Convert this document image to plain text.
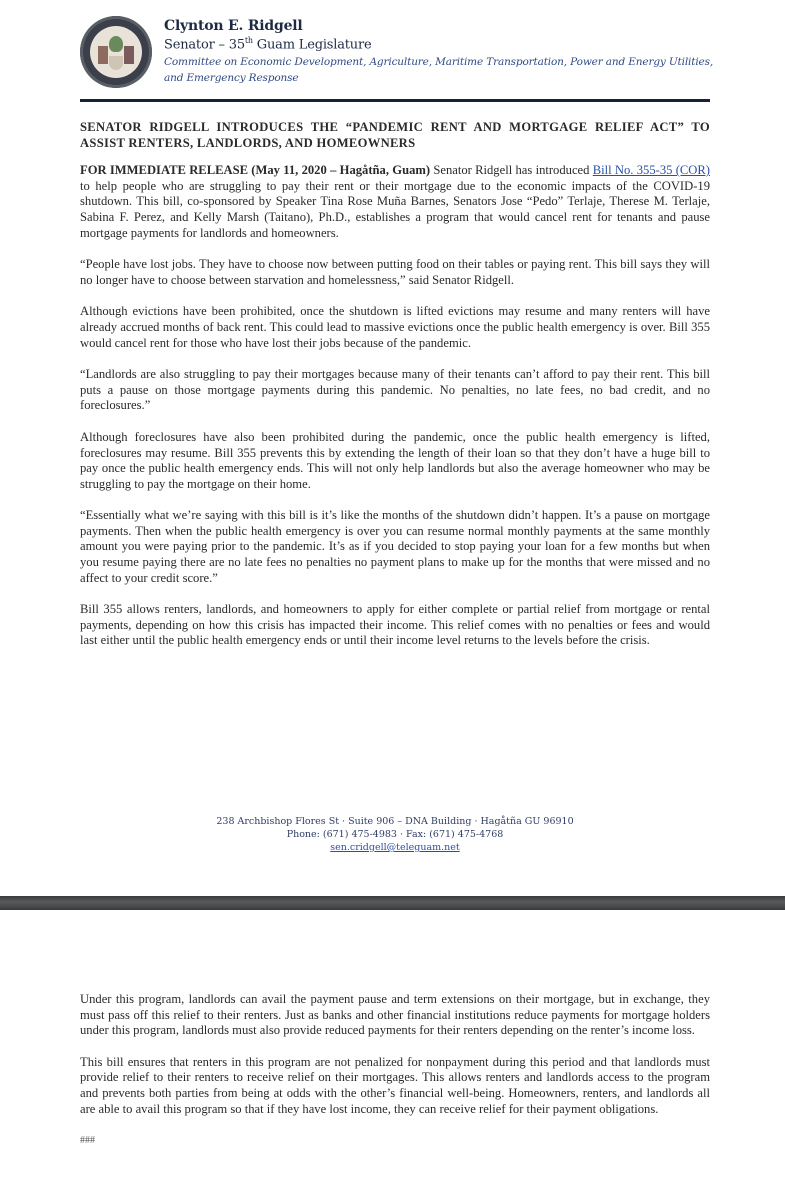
Clynton E. Ridgell
Senator – 35th Guam Legislature
Committee on Economic Development, Agriculture, Maritime Transportation, Power and Energy Utilities, and Emergency Response

SENATOR RIDGELL INTRODUCES THE “PANDEMIC RENT AND MORTGAGE RELIEF ACT” TO ASSIST RENTERS, LANDLORDS, AND HOMEOWNERS

FOR IMMEDIATE RELEASE (May 11, 2020 – Hagåtña, Guam) Senator Ridgell has introduced Bill No. 355-35 (COR) to help people who are struggling to pay their rent or their mortgage due to the economic impacts of the COVID-19 shutdown. This bill, co-sponsored by Speaker Tina Rose Muña Barnes, Senators Jose “Pedo” Terlaje, Therese M. Terlaje, Sabina F. Perez, and Kelly Marsh (Taitano), Ph.D., establishes a program that would cancel rent for tenants and pause mortgage payments for landlords and homeowners.

“People have lost jobs. They have to choose now between putting food on their tables or paying rent. This bill says they will no longer have to choose between starvation and homelessness,” said Senator Ridgell.

Although evictions have been prohibited, once the shutdown is lifted evictions may resume and many renters will have already accrued months of back rent. This could lead to massive evictions once the public health emergency is over. Bill 355 would cancel rent for those who have lost their jobs because of the pandemic.

“Landlords are also struggling to pay their mortgages because many of their tenants can’t afford to pay their rent. This bill puts a pause on those mortgage payments during this pandemic. No penalties, no late fees, no bad credit, and no foreclosures.”

Although foreclosures have also been prohibited during the pandemic, once the public health emergency is lifted, foreclosures may resume. Bill 355 prevents this by extending the length of their loan so that they don’t have a huge bill to pay once the public health emergency ends. This will not only help landlords but also the average homeowner who may be struggling to pay the mortgage on their home.

“Essentially what we’re saying with this bill is it’s like the months of the shutdown didn’t happen. It’s a pause on mortgage payments. Then when the public health emergency is over you can resume normal monthly payments at the same monthly amount you were paying prior to the pandemic. It’s as if you decided to stop paying your loan for a few months but when you resume paying there are no late fees no penalties no payment plans to make up for the months that were missed and no affect to your credit score.”

Bill 355 allows renters, landlords, and homeowners to apply for either complete or partial relief from mortgage or rental payments, depending on how this crisis has impacted their income. This relief comes with no penalties or fees and would last either until the public health emergency ends or until their income level returns to the levels before the crisis.

238 Archbishop Flores St · Suite 906 – DNA Building · Hagåtña GU 96910
Phone: (671) 475-4983 · Fax: (671) 475-4768
sen.cridgell@teleguam.net

Under this program, landlords can avail the payment pause and term extensions on their mortgage, but in exchange, they must pass off this relief to their renters. Just as banks and other financial institutions reduce payments for mortgage holders under this program, landlords must also provide reduced payments for their renters depending on the renter’s income loss.

This bill ensures that renters in this program are not penalized for nonpayment during this period and that landlords must provide relief to their renters to receive relief on their mortgages. This allows renters and landlords access to the program and prevents both parties from being at odds with the other’s financial well-being. Homeowners, renters, and landlords all are able to avail this program so that if they have lost income, they can receive relief for their payment obligations.

###
